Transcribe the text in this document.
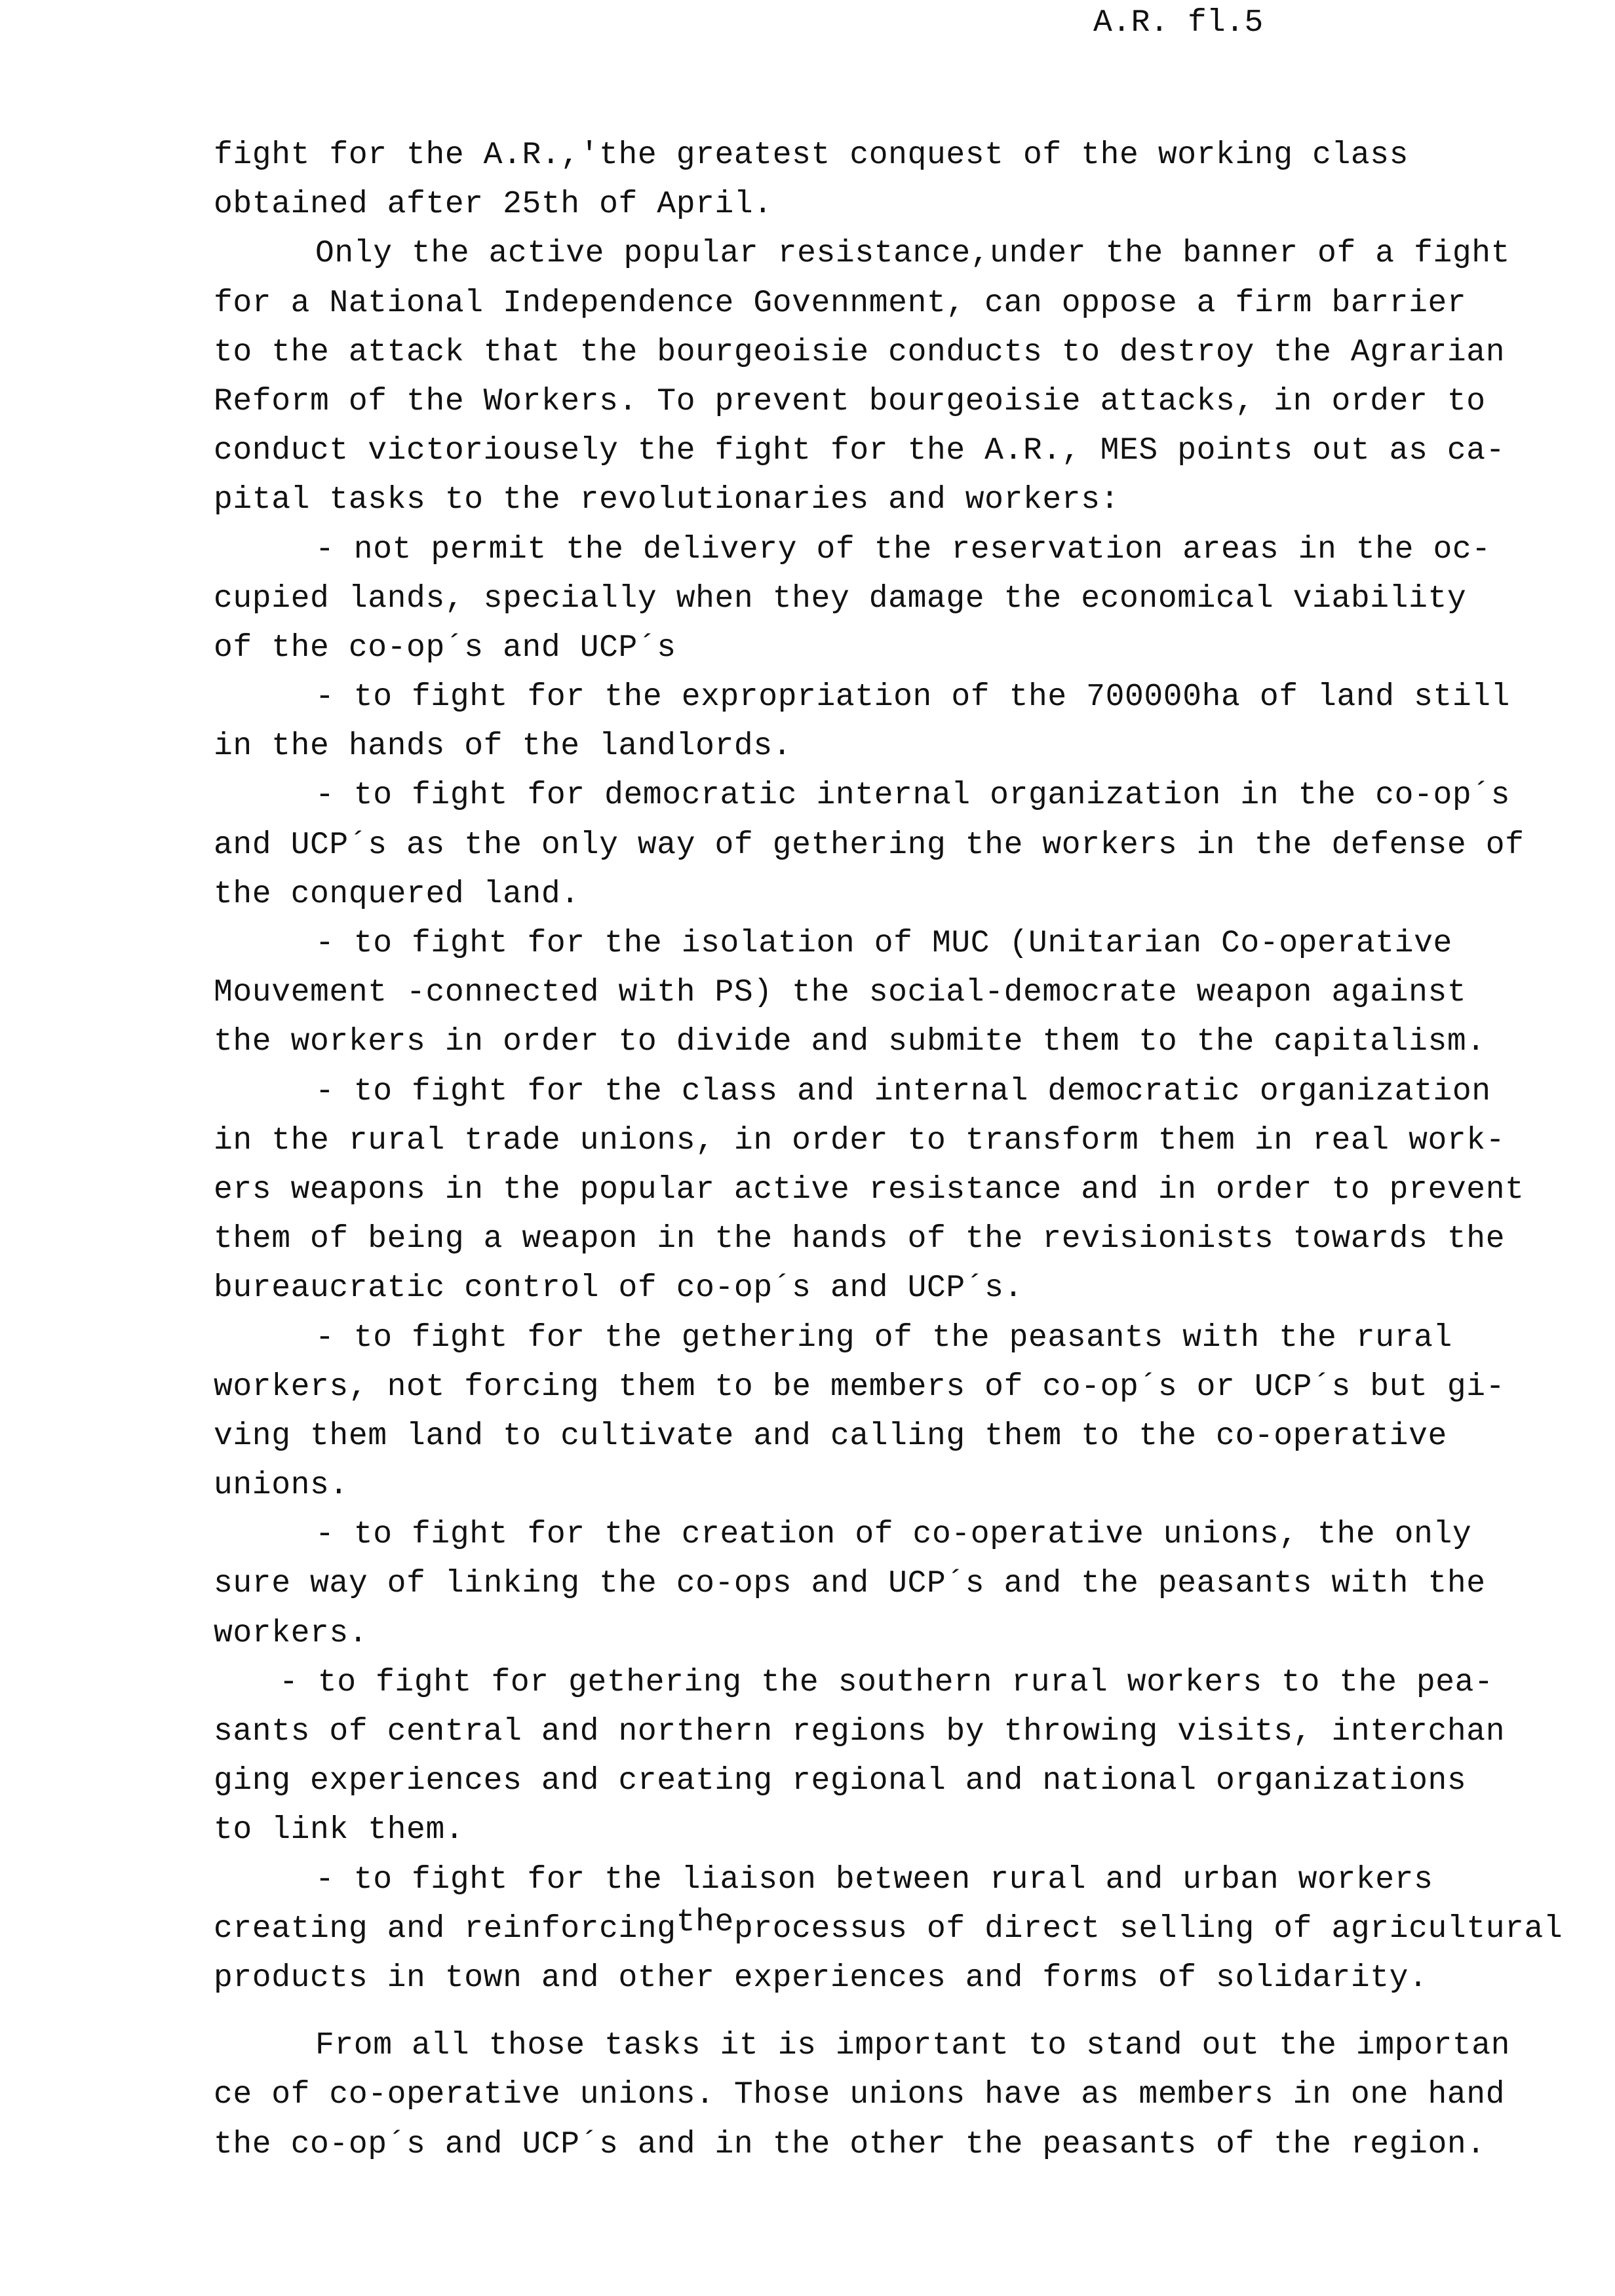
A.R. fl.5
fight for the A.R.,'the greatest conquest of the working class
obtained after 25th of April.
Only the active popular resistance,under the banner of a fight
for a National Independence Govennment, can oppose a firm barrier
to the attack that the bourgeoisie conducts to destroy the Agrarian
Reform of the Workers. To prevent bourgeoisie attacks, in order to
conduct victoriousely the fight for the A.R., MES points out as ca-
pital tasks to the revolutionaries and workers:
- not permit the delivery of the reservation areas in the oc-
cupied lands, specially when they damage the economical viability
of the co-op´s and UCP´s
- to fight for the expropriation of the 700000ha of land still
in the hands of the landlords.
- to fight for democratic internal organization in the co-op´s
and UCP´s as the only way of gethering the workers in the defense of
the conquered land.
- to fight for the isolation of MUC (Unitarian Co-operative
Mouvement -connected with PS) the social-democrate weapon against
the workers in order to divide and submite them to the capitalism.
- to fight for the class and internal democratic organization
in the rural trade unions, in order to transform them in real work-
ers weapons in the popular active resistance and in order to prevent
them of being a weapon in the hands of the revisionists towards the
bureaucratic control of co-op´s and UCP´s.
- to fight for the gethering of the peasants with the rural
workers, not forcing them to be members of co-op´s or UCP´s but gi-
ving them land to cultivate and calling them to the co-operative
unions.
- to fight for the creation of co-operative unions, the only
sure way of linking the co-ops and UCP´s and the peasants with the
workers.
- to fight for gethering the southern rural workers to the pea-
sants of central and northern regions by throwing visits, interchan
ging experiences and creating regional and national organizations
to link them.
- to fight for the liaison between rural and urban workers
creating and reinforcingtheprocessus of direct selling of agricultural
products in town and other experiences and forms of solidarity.
From all those tasks it is important to stand out the importan
ce of co-operative unions. Those unions have as members in one hand
the co-op´s and UCP´s and in the other the peasants of the region.
